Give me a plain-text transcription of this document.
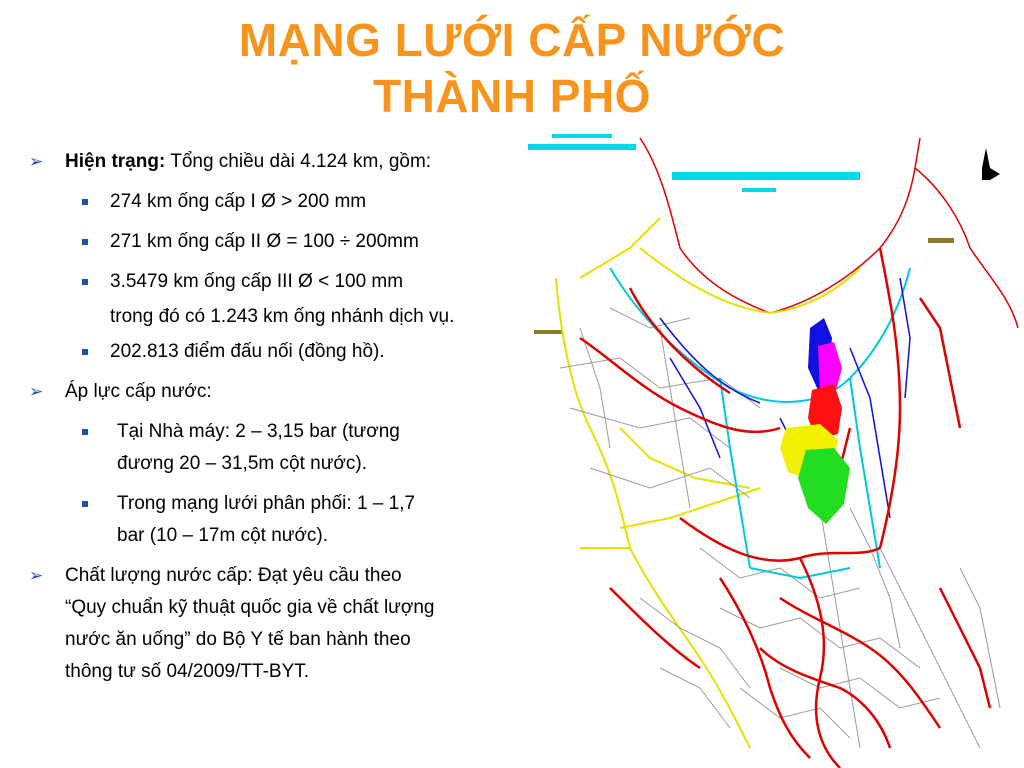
MẠNG LƯỚI CẤP NƯỚC
THÀNH PHỐ
➢ Hiện trạng: Tổng chiều dài 4.124 km, gồm:
274 km ống cấp I Ø > 200 mm
271 km ống cấp II Ø = 100 ÷ 200mm
3.5479 km ống cấp III Ø < 100 mm
trong đó có 1.243 km ống nhánh dịch vụ.
202.813 điểm đấu nối (đồng hồ).
➢ Áp lực cấp nước:
Tại Nhà máy: 2 – 3,15 bar (tương
đương 20 – 31,5m cột nước).
Trong mạng lưới phân phối: 1 – 1,7
bar (10 – 17m cột nước).
➢ Chất lượng nước cấp: Đạt yêu cầu theo
“Quy chuẩn kỹ thuật quốc gia về chất lượng
nước ăn uống” do Bộ Y tế ban hành theo
thông tư số 04/2009/TT-BYT.
